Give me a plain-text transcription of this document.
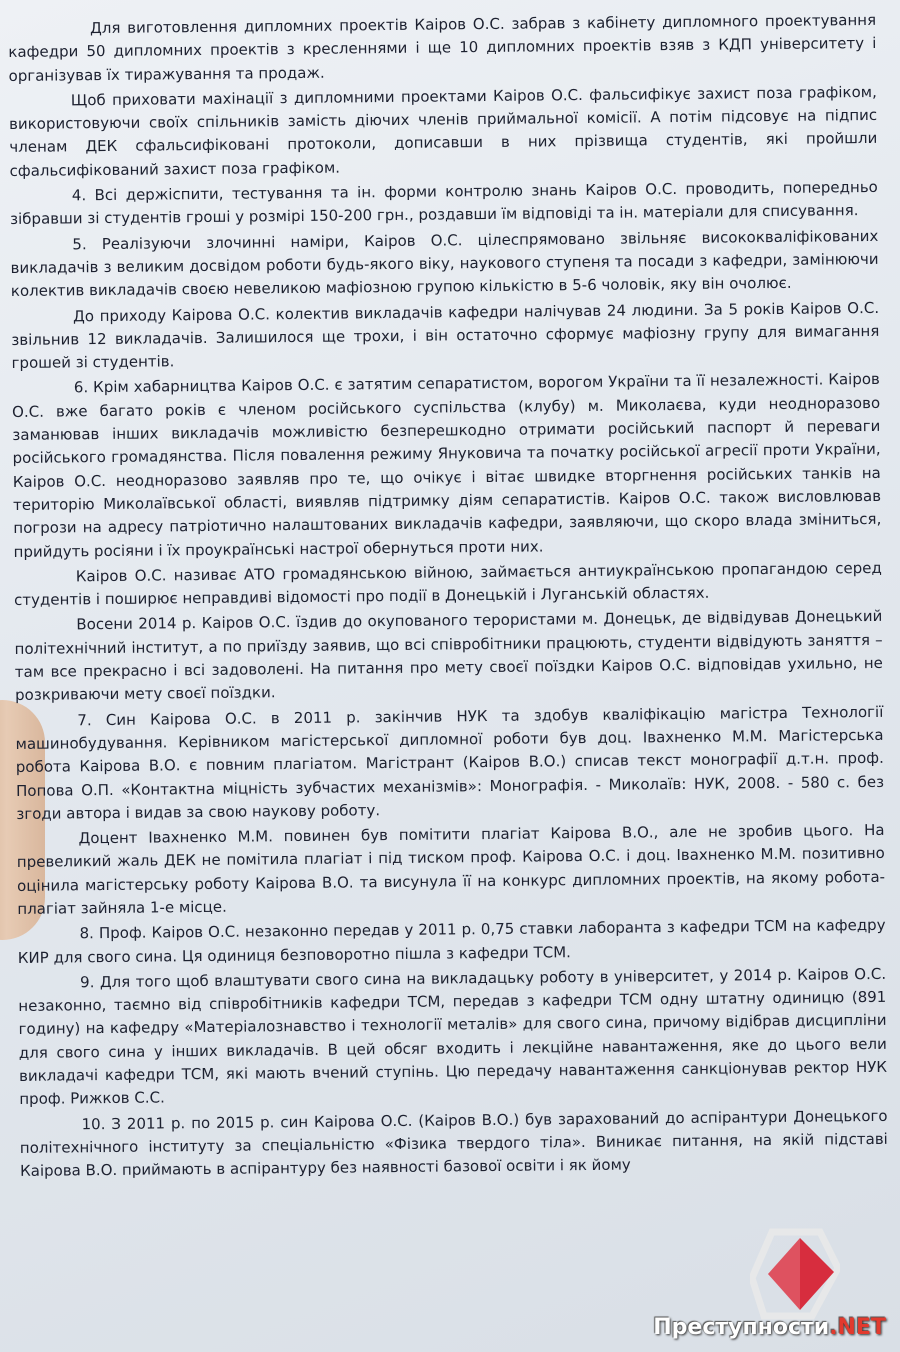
Для виготовлення дипломних проектів Каіров О.С. забрав з кабінету дипломного проектування кафедри 50 дипломних проектів з кресленнями і ще 10 дипломних проектів взяв з КДП університету і організував їх тиражування та продаж.

Щоб приховати махінації з дипломними проектами Каіров О.С. фальсифікує захист поза графіком, використовуючи своїх спільників замість діючих членів приймальної комісії. А потім підсовує на підпис членам ДЕК сфальсифіковані протоколи, дописавши в них прізвища студентів, які пройшли сфальсифікований захист поза графіком.

4. Всі держіспити, тестування та ін. форми контролю знань Каіров О.С. проводить, попередньо зібравши зі студентів гроші у розмірі 150-200 грн., роздавши їм відповіді та ін. матеріали для списування.

5. Реалізуючи злочинні наміри, Каіров О.С. цілеспрямовано звільняє висококваліфікованих викладачів з великим досвідом роботи будь-якого віку, наукового ступеня та посади з кафедри, замінюючи колектив викладачів своєю невеликою мафіозною групою кількістю в 5-6 чоловік, яку він очолює.

До приходу Каірова О.С. колектив викладачів кафедри налічував 24 людини. За 5 років Каіров О.С. звільнив 12 викладачів. Залишилося ще трохи, і він остаточно сформує мафіозну групу для вимагання грошей зі студентів.

6. Крім хабарництва Каіров О.С. є затятим сепаратистом, ворогом України та її незалежності. Каіров О.С. вже багато років є членом російського суспільства (клубу) м. Миколаєва, куди неодноразово заманював інших викладачів можливістю безперешкодно отримати російський паспорт й переваги російського громадянства. Після повалення режиму Януковича та початку російської агресії проти України, Каіров О.С. неодноразово заявляв про те, що очікує і вітає швидке вторгнення російських танків на територію Миколаївської області, виявляв підтримку діям сепаратистів. Каіров О.С. також висловлював погрози на адресу патріотично налаштованих викладачів кафедри, заявляючи, що скоро влада зміниться, прийдуть росіяни і їх проукраїнські настрої обернуться проти них.

Каіров О.С. називає АТО громадянською війною, займається антиукраїнською пропагандою серед студентів і поширює неправдиві відомості про події в Донецькій і Луганській областях.

Восени 2014 р. Каіров О.С. їздив до окупованого терористами м. Донецьк, де відвідував Донецький політехнічний інститут, а по приїзду заявив, що всі співробітники працюють, студенти відвідують заняття – там все прекрасно і всі задоволені. На питання про мету своєї поїздки Каіров О.С. відповідав ухильно, не розкриваючи мету своєї поїздки.

7. Син Каірова О.С. в 2011 р. закінчив НУК та здобув кваліфікацію магістра Технології машинобудування. Керівником магістерської дипломної роботи був доц. Івахненко М.М. Магістерська робота Каірова В.О. є повним плагіатом. Магістрант (Каіров В.О.) списав текст монографії д.т.н. проф. Попова О.П. «Контактна міцність зубчастих механізмів»: Монографія. - Миколаїв: НУК, 2008. - 580 с. без згоди автора і видав за свою наукову роботу.

Доцент Івахненко М.М. повинен був помітити плагіат Каірова В.О., але не зробив цього. На превеликий жаль ДЕК не помітила плагіат і під тиском проф. Каірова О.С. і доц. Івахненко М.М. позитивно оцінила магістерську роботу Каірова В.О. та висунула її на конкурс дипломних проектів, на якому робота-плагіат зайняла 1-е місце.

8. Проф. Каіров О.С. незаконно передав у 2011 р. 0,75 ставки лаборанта з кафедри ТСМ на кафедру КИР для свого сина. Ця одиниця безповоротно пішла з кафедри ТСМ.

9. Для того щоб влаштувати свого сина на викладацьку роботу в університет, у 2014 р. Каіров О.С. незаконно, таємно від співробітників кафедри ТСМ, передав з кафедри ТСМ одну штатну одиницю (891 годину) на кафедру «Матеріалознавство і технології металів» для свого сина, причому відібрав дисципліни для свого сина у інших викладачів. В цей обсяг входить і лекційне навантаження, яке до цього вели викладачі кафедри ТСМ, які мають вчений ступінь. Цю передачу навантаження санкціонував ректор НУК проф. Рижков С.С.

10. З 2011 р. по 2015 р. син Каірова О.С. (Каіров В.О.) був зарахований до аспірантури Донецького політехнічного інституту за спеціальністю «Фізика твердого тіла». Виникає питання, на якій підставі Каірова В.О. приймають в аспірантуру без наявності базової освіти і як йому

Преступности.NET
